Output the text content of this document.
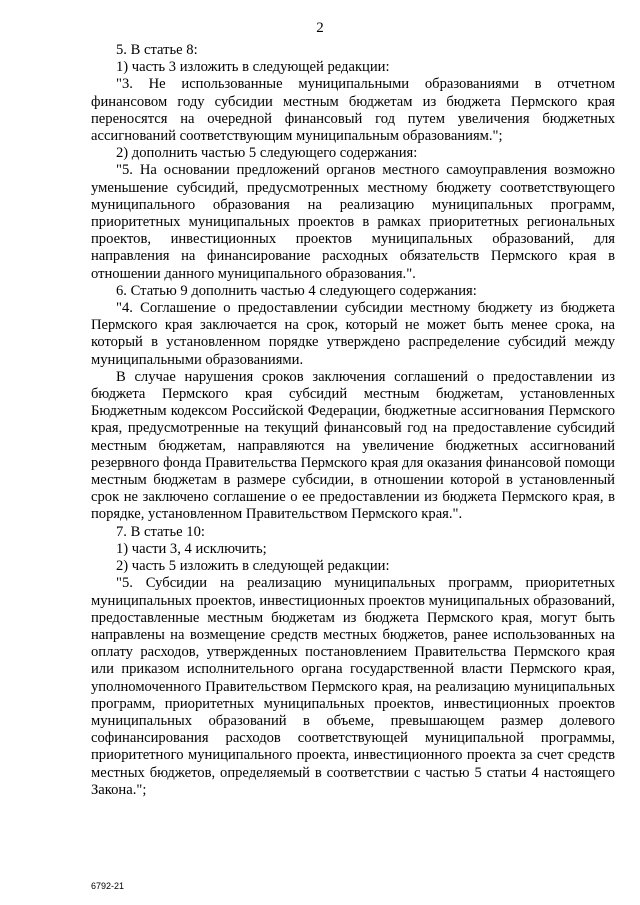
2

5. В статье 8:

1) часть 3 изложить в следующей редакции:

"3. Не использованные муниципальными образованиями в отчетном финансовом году субсидии местным бюджетам из бюджета Пермского края переносятся на очередной финансовый год путем увеличения бюджетных ассигнований соответствующим муниципальным образованиям.";

2) дополнить частью 5 следующего содержания:

"5. На основании предложений органов местного самоуправления возможно уменьшение субсидий, предусмотренных местному бюджету соответствующего муниципального образования на реализацию муниципальных программ, приоритетных муниципальных проектов в рамках приоритетных региональных проектов, инвестиционных проектов муниципальных образований, для направления на финансирование расходных обязательств Пермского края в отношении данного муниципального образования.".

6. Статью 9 дополнить частью 4 следующего содержания:

"4. Соглашение о предоставлении субсидии местному бюджету из бюджета Пермского края заключается на срок, который не может быть менее срока, на который в установленном порядке утверждено распределение субсидий между муниципальными образованиями.

В случае нарушения сроков заключения соглашений о предоставлении из бюджета Пермского края субсидий местным бюджетам, установленных Бюджетным кодексом Российской Федерации, бюджетные ассигнования Пермского края, предусмотренные на текущий финансовый год на предоставление субсидий местным бюджетам, направляются на увеличение бюджетных ассигнований резервного фонда Правительства Пермского края для оказания финансовой помощи местным бюджетам в размере субсидии, в отношении которой в установленный срок не заключено соглашение о ее предоставлении из бюджета Пермского края, в порядке, установленном Правительством Пермского края.".

7. В статье 10:

1) части 3, 4 исключить;

2) часть 5 изложить в следующей редакции:

"5. Субсидии на реализацию муниципальных программ, приоритетных муниципальных проектов, инвестиционных проектов муниципальных образований, предоставленные местным бюджетам из бюджета Пермского края, могут быть направлены на возмещение средств местных бюджетов, ранее использованных на оплату расходов, утвержденных постановлением Правительства Пермского края или приказом исполнительного органа государственной власти Пермского края, уполномоченного Правительством Пермского края, на реализацию муниципальных программ, приоритетных муниципальных проектов, инвестиционных проектов муниципальных образований в объеме, превышающем размер долевого софинансирования расходов соответствующей муниципальной программы, приоритетного муниципального проекта, инвестиционного проекта за счет средств местных бюджетов, определяемый в соответствии с частью 5 статьи 4 настоящего Закона.";

6792-21
